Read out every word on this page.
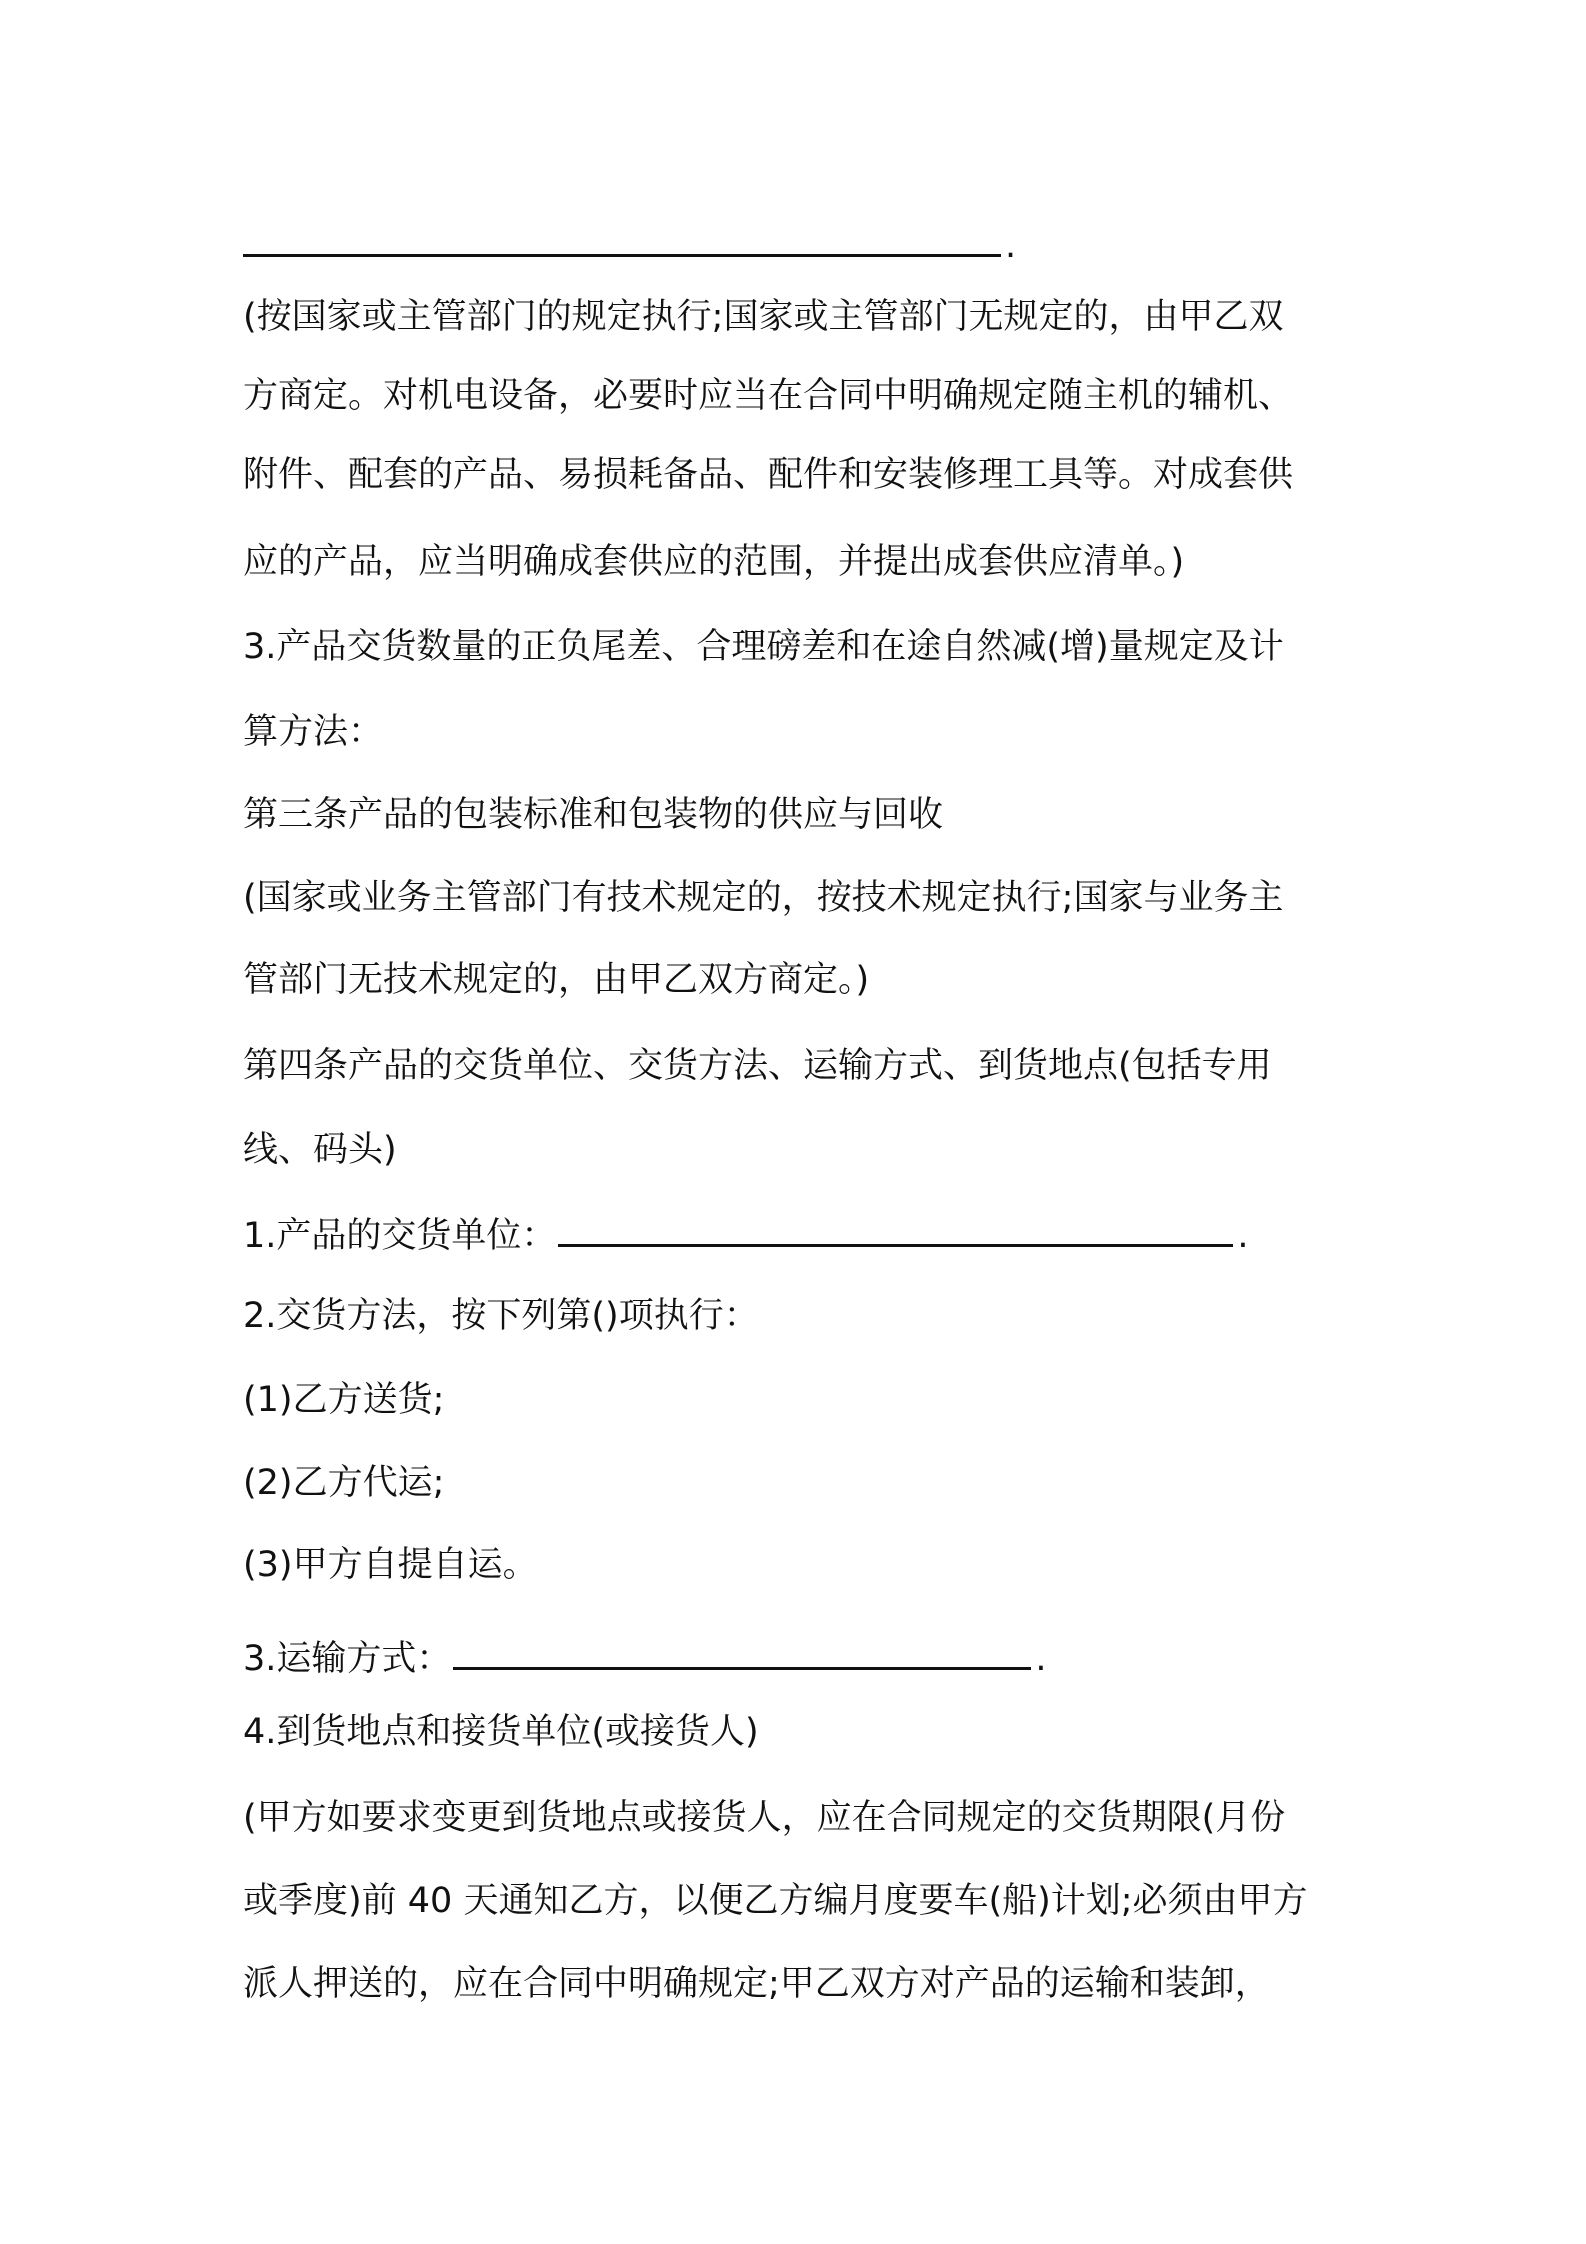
.
(按国家或主管部门的规定执行;国家或主管部门无规定的，由甲乙双
方商定。对机电设备，必要时应当在合同中明确规定随主机的辅机、
附件、配套的产品、易损耗备品、配件和安装修理工具等。对成套供
应的产品，应当明确成套供应的范围，并提出成套供应清单。)
3.产品交货数量的正负尾差、合理磅差和在途自然减(增)量规定及计
算方法：
第三条产品的包装标准和包装物的供应与回收
(国家或业务主管部门有技术规定的，按技术规定执行;国家与业务主
管部门无技术规定的，由甲乙双方商定。)
第四条产品的交货单位、交货方法、运输方式、到货地点(包括专用
线、码头)
1.产品的交货单位：	.
2.交货方法，按下列第()项执行：
(1)乙方送货;
(2)乙方代运;
(3)甲方自提自运。
3.运输方式：	.
4.到货地点和接货单位(或接货人)
(甲方如要求变更到货地点或接货人，应在合同规定的交货期限(月份
或季度)前 40 天通知乙方，以便乙方编月度要车(船)计划;必须由甲方
派人押送的，应在合同中明确规定;甲乙双方对产品的运输和装卸，
